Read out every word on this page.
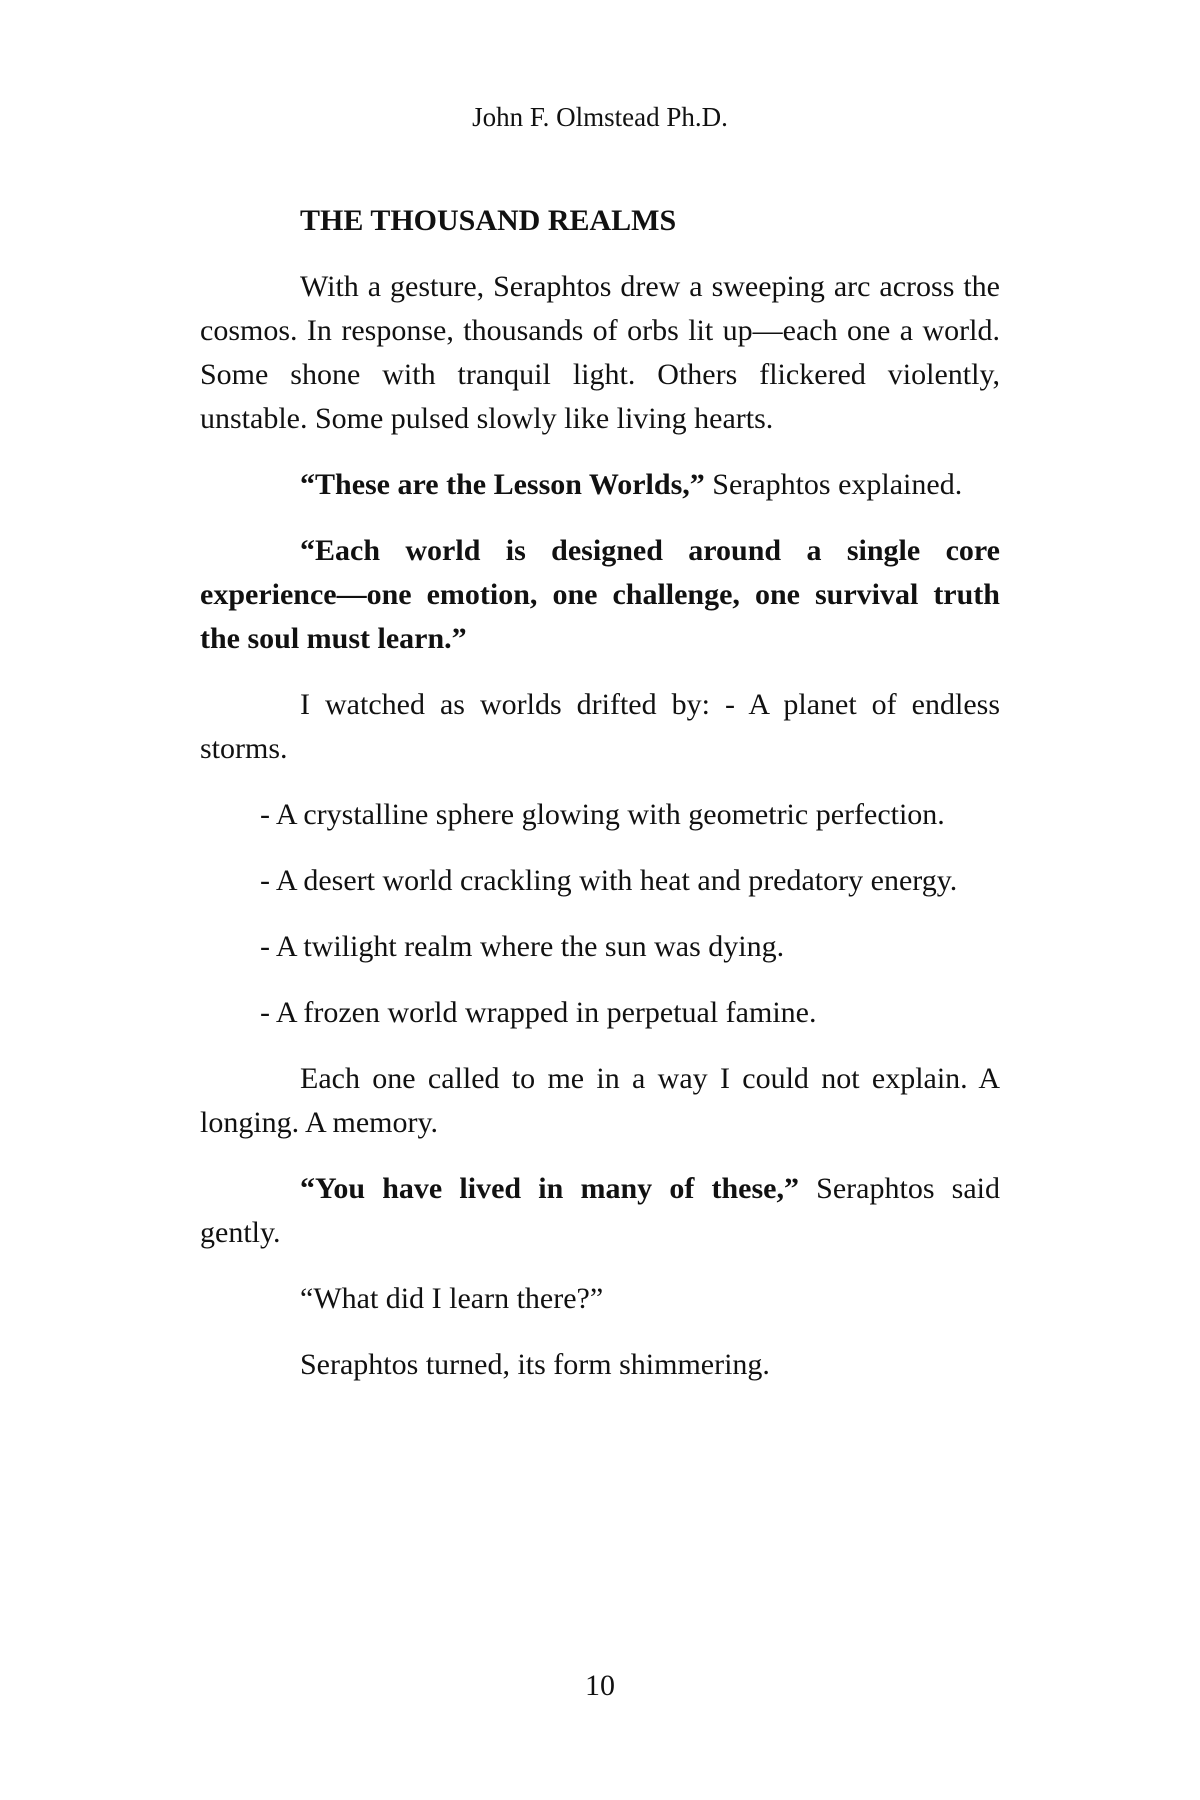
John F. Olmstead Ph.D.

THE THOUSAND REALMS

With a gesture, Seraphtos drew a sweeping arc across the cosmos. In response, thousands of orbs lit up—each one a world. Some shone with tranquil light. Others flickered violently, unstable. Some pulsed slowly like living hearts.

“These are the Lesson Worlds,” Seraphtos explained.

“Each world is designed around a single core experience—one emotion, one challenge, one survival truth the soul must learn.”

I watched as worlds drifted by: - A planet of endless storms.

- A crystalline sphere glowing with geometric perfection.

- A desert world crackling with heat and predatory energy.

- A twilight realm where the sun was dying.

- A frozen world wrapped in perpetual famine.

Each one called to me in a way I could not explain. A longing. A memory.

“You have lived in many of these,” Seraphtos said gently.

“What did I learn there?”

Seraphtos turned, its form shimmering.

10
